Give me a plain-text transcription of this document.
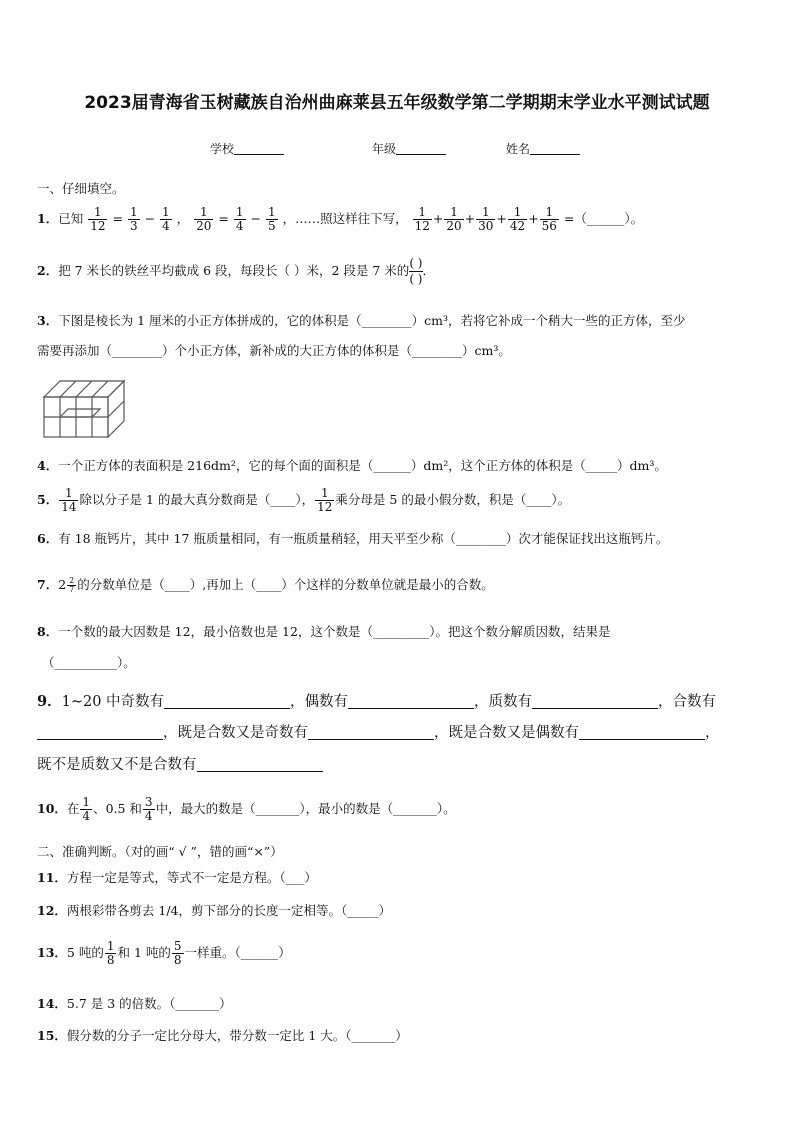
2023届青海省玉树藏族自治州曲麻莱县五年级数学第二学期期末学业水平测试试题
学校	年级	姓名
一、仔细填空。
1．已知 $\frac{1}{12} = \frac{1}{3} - \frac{1}{4}$ ， $\frac{1}{20} = \frac{1}{4} - \frac{1}{5}$ ，……照这样往下写， $\frac{1}{12} + \frac{1}{20} + \frac{1}{30} + \frac{1}{42} + \frac{1}{56}$ =（______）。
2．把 7 米长的铁丝平均截成 6 段，每段长（ ）米，2 段是 7 米的 $\frac{( )}{( )}$ ．
3．下图是棱长为 1 厘米的小正方体拼成的，它的体积是（________）cm³，若将它补成一个稍大一些的正方体，至少
需要再添加（________）个小正方体，新补成的大正方体的体积是（________）cm³。
4．一个正方体的表面积是 216dm²，它的每个面的面积是（______）dm²，这个正方体的体积是（_____）dm³。
5． $\frac{1}{14}$ 除以分子是 1 的最大真分数商是（____）， $\frac{1}{12}$ 乘分母是 5 的最小假分数，积是（____）。
6．有 18 瓶钙片，其中 17 瓶质量相同，有一瓶质量稍轻，用天平至少称（________）次才能保证找出这瓶钙片。
7．$2 \frac{2}{7}$ 的分数单位是（____）,再加上（____）个这样的分数单位就是最小的合数。
8．一个数的最大因数是 12，最小倍数也是 12，这个数是（_________）。把这个数分解质因数，结果是
（__________）。
9．1~20 中奇数有	，偶数有	，质数有	，合数有
，既是合数又是奇数有	，既是合数又是偶数有	，
既不是质数又不是合数有
10．在 $\frac{1}{4}$ 、0.5 和 $\frac{3}{4}$ 中，最大的数是（_______），最小的数是（_______）。
二、准确判断。（对的画“ √ ”，错的画“×”）
11．方程一定是等式，等式不一定是方程。（___）
12．两根彩带各剪去 1/4，剪下部分的长度一定相等。（_____）
13．5 吨的 $\frac{1}{8}$ 和 1 吨的 $\frac{5}{8}$ 一样重。（______）
14．5.7 是 3 的倍数。（_______）
15．假分数的分子一定比分母大，带分数一定比 1 大。（_______）
